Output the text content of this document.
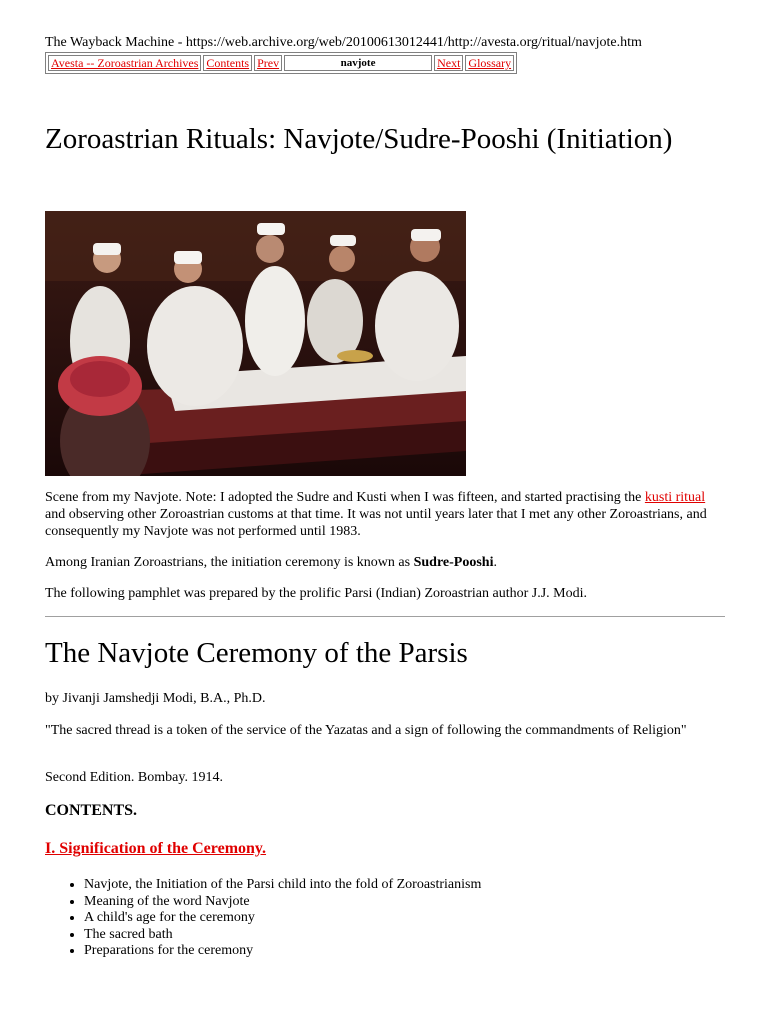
The Wayback Machine - https://web.archive.org/web/20100613012441/http://avesta.org/ritual/navjote.htm
Avesta -- Zoroastrian Archives	Contents	Prev	navjote	Next	Glossary
Zoroastrian Rituals: Navjote/Sudre-Pooshi (Initiation)

Scene from my Navjote. Note: I adopted the Sudre and Kusti when I was fifteen, and started practising the kusti ritual and observing other Zoroastrian customs at that time. It was not until years later that I met any other Zoroastrians, and consequently my Navjote was not performed until 1983.

Among Iranian Zoroastrians, the initiation ceremony is known as Sudre-Pooshi.

The following pamphlet was prepared by the prolific Parsi (Indian) Zoroastrian author J.J. Modi.

The Navjote Ceremony of the Parsis

by Jivanji Jamshedji Modi, B.A., Ph.D.

"The sacred thread is a token of the service of the Yazatas and a sign of following the commandments of Religion"

Second Edition. Bombay. 1914.

CONTENTS.
I. Signification of the Ceremony.
• Navjote, the Initiation of the Parsi child into the fold of Zoroastrianism
• Meaning of the word Navjote
• A child's age for the ceremony
• The sacred bath
• Preparations for the ceremony
